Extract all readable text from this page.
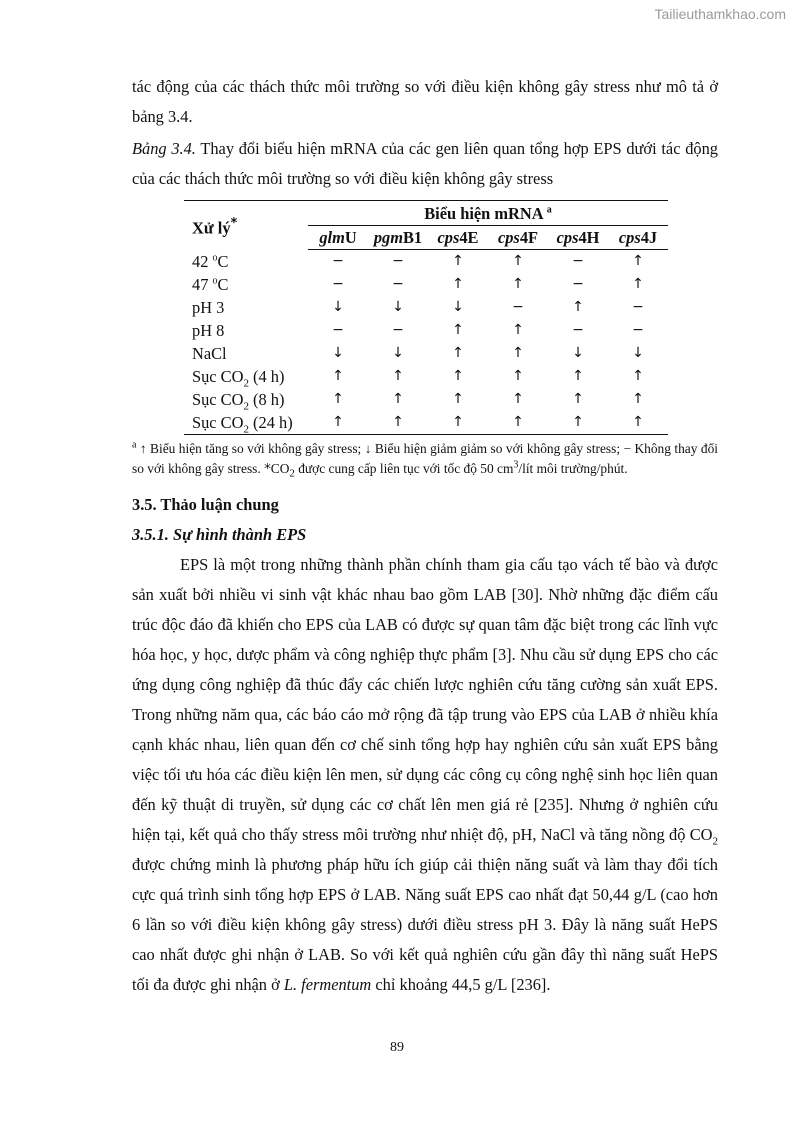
Tailieuthamkhao.com

tác động của các thách thức môi trường so với điều kiện không gây stress như mô tả ở bảng 3.4.

Bảng 3.4. Thay đổi biểu hiện mRNA của các gen liên quan tổng hợp EPS dưới tác động của các thách thức môi trường so với điều kiện không gây stress

Xử lý*	Biểu hiện mRNA $^a$
	glmU	pgmB1	cps4E	cps4F	cps4H	cps4J
42 $^o$C	−	−	↑	↑	−	↑
47 $^o$C	−	−	↑	↑	−	↑
pH 3	↓	↓	↓	−	↑	−
pH 8	−	−	↑	↑	−	−
NaCl	↓	↓	↑	↑	↓	↓
Sục $CO_2$ (4 h)	↑	↑	↑	↑	↑	↑
Sục $CO_2$ (8 h)	↑	↑	↑	↑	↑	↑
Sục $CO_2$ (24 h)	↑	↑	↑	↑	↑	↑

$^a$ ↑ Biểu hiện tăng so với không gây stress; ↓ Biểu hiện giảm giảm so với không gây stress; − Không thay đổi so với không gây stress. $*CO_2$ được cung cấp liên tục với tốc độ 50 $cm^3$/lít môi trường/phút.

3.5. Thảo luận chung
3.5.1. Sự hình thành EPS

EPS là một trong những thành phần chính tham gia cấu tạo vách tế bào và được sản xuất bởi nhiều vi sinh vật khác nhau bao gồm LAB [30]. Nhờ những đặc điểm cấu trúc độc đáo đã khiến cho EPS của LAB có được sự quan tâm đặc biệt trong các lĩnh vực hóa học, y học, dược phẩm và công nghiệp thực phẩm [3]. Nhu cầu sử dụng EPS cho các ứng dụng công nghiệp đã thúc đẩy các chiến lược nghiên cứu tăng cường sản xuất EPS. Trong những năm qua, các báo cáo mở rộng đã tập trung vào EPS của LAB ở nhiều khía cạnh khác nhau, liên quan đến cơ chế sinh tổng hợp hay nghiên cứu sản xuất EPS bằng việc tối ưu hóa các điều kiện lên men, sử dụng các công cụ công nghệ sinh học liên quan đến kỹ thuật di truyền, sử dụng các cơ chất lên men giá rẻ [235]. Nhưng ở nghiên cứu hiện tại, kết quả cho thấy stress môi trường như nhiệt độ, pH, NaCl và tăng nồng độ $CO_2$ được chứng minh là phương pháp hữu ích giúp cải thiện năng suất và làm thay đổi tích cực quá trình sinh tổng hợp EPS ở LAB. Năng suất EPS cao nhất đạt 50,44 g/L (cao hơn 6 lần so với điều kiện không gây stress) dưới điều stress pH 3. Đây là năng suất HePS cao nhất được ghi nhận ở LAB. So với kết quả nghiên cứu gần đây thì năng suất HePS tối đa được ghi nhận ở L. fermentum chỉ khoảng 44,5 g/L [236].

89
